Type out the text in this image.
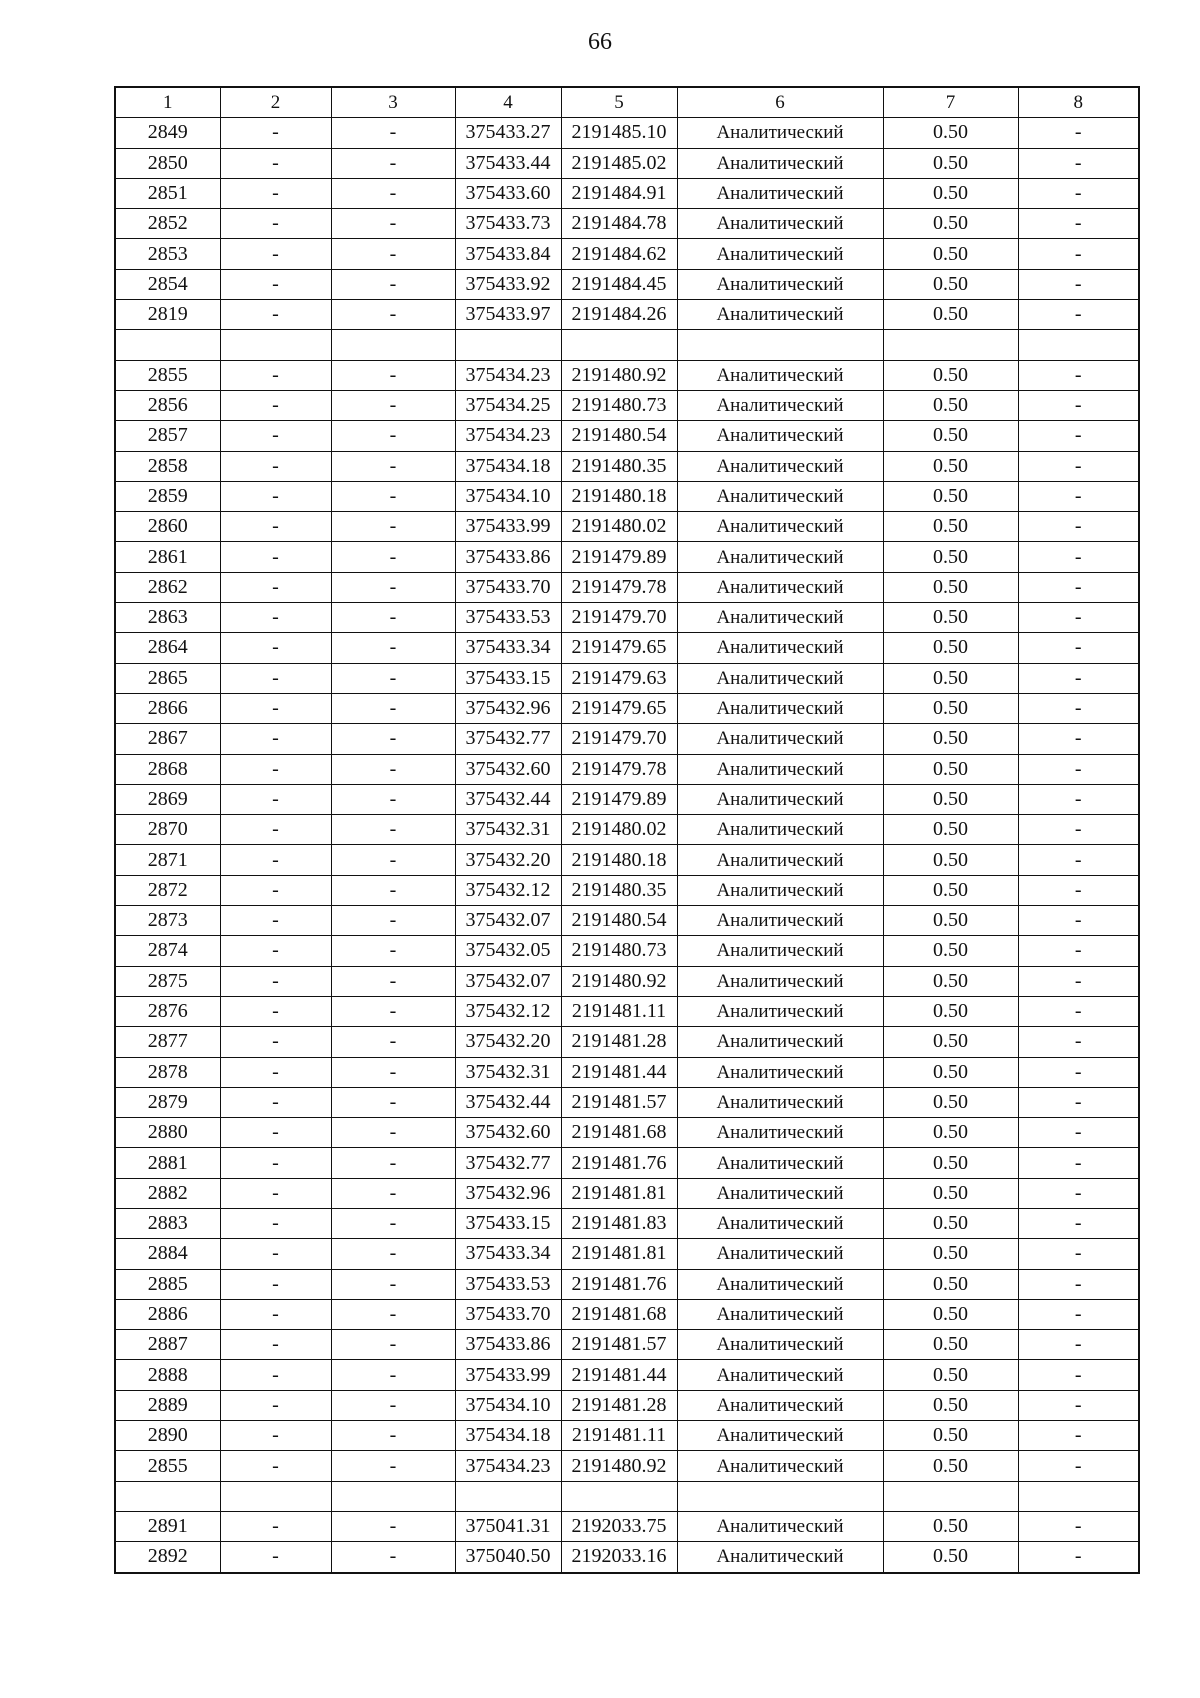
66
1	2	3	4	5	6	7	8
2849	-	-	375433.27	2191485.10	Аналитический	0.50	-
2850	-	-	375433.44	2191485.02	Аналитический	0.50	-
2851	-	-	375433.60	2191484.91	Аналитический	0.50	-
2852	-	-	375433.73	2191484.78	Аналитический	0.50	-
2853	-	-	375433.84	2191484.62	Аналитический	0.50	-
2854	-	-	375433.92	2191484.45	Аналитический	0.50	-
2819	-	-	375433.97	2191484.26	Аналитический	0.50	-

2855	-	-	375434.23	2191480.92	Аналитический	0.50	-
2856	-	-	375434.25	2191480.73	Аналитический	0.50	-
2857	-	-	375434.23	2191480.54	Аналитический	0.50	-
2858	-	-	375434.18	2191480.35	Аналитический	0.50	-
2859	-	-	375434.10	2191480.18	Аналитический	0.50	-
2860	-	-	375433.99	2191480.02	Аналитический	0.50	-
2861	-	-	375433.86	2191479.89	Аналитический	0.50	-
2862	-	-	375433.70	2191479.78	Аналитический	0.50	-
2863	-	-	375433.53	2191479.70	Аналитический	0.50	-
2864	-	-	375433.34	2191479.65	Аналитический	0.50	-
2865	-	-	375433.15	2191479.63	Аналитический	0.50	-
2866	-	-	375432.96	2191479.65	Аналитический	0.50	-
2867	-	-	375432.77	2191479.70	Аналитический	0.50	-
2868	-	-	375432.60	2191479.78	Аналитический	0.50	-
2869	-	-	375432.44	2191479.89	Аналитический	0.50	-
2870	-	-	375432.31	2191480.02	Аналитический	0.50	-
2871	-	-	375432.20	2191480.18	Аналитический	0.50	-
2872	-	-	375432.12	2191480.35	Аналитический	0.50	-
2873	-	-	375432.07	2191480.54	Аналитический	0.50	-
2874	-	-	375432.05	2191480.73	Аналитический	0.50	-
2875	-	-	375432.07	2191480.92	Аналитический	0.50	-
2876	-	-	375432.12	2191481.11	Аналитический	0.50	-
2877	-	-	375432.20	2191481.28	Аналитический	0.50	-
2878	-	-	375432.31	2191481.44	Аналитический	0.50	-
2879	-	-	375432.44	2191481.57	Аналитический	0.50	-
2880	-	-	375432.60	2191481.68	Аналитический	0.50	-
2881	-	-	375432.77	2191481.76	Аналитический	0.50	-
2882	-	-	375432.96	2191481.81	Аналитический	0.50	-
2883	-	-	375433.15	2191481.83	Аналитический	0.50	-
2884	-	-	375433.34	2191481.81	Аналитический	0.50	-
2885	-	-	375433.53	2191481.76	Аналитический	0.50	-
2886	-	-	375433.70	2191481.68	Аналитический	0.50	-
2887	-	-	375433.86	2191481.57	Аналитический	0.50	-
2888	-	-	375433.99	2191481.44	Аналитический	0.50	-
2889	-	-	375434.10	2191481.28	Аналитический	0.50	-
2890	-	-	375434.18	2191481.11	Аналитический	0.50	-
2855	-	-	375434.23	2191480.92	Аналитический	0.50	-

2891	-	-	375041.31	2192033.75	Аналитический	0.50	-
2892	-	-	375040.50	2192033.16	Аналитический	0.50	-
